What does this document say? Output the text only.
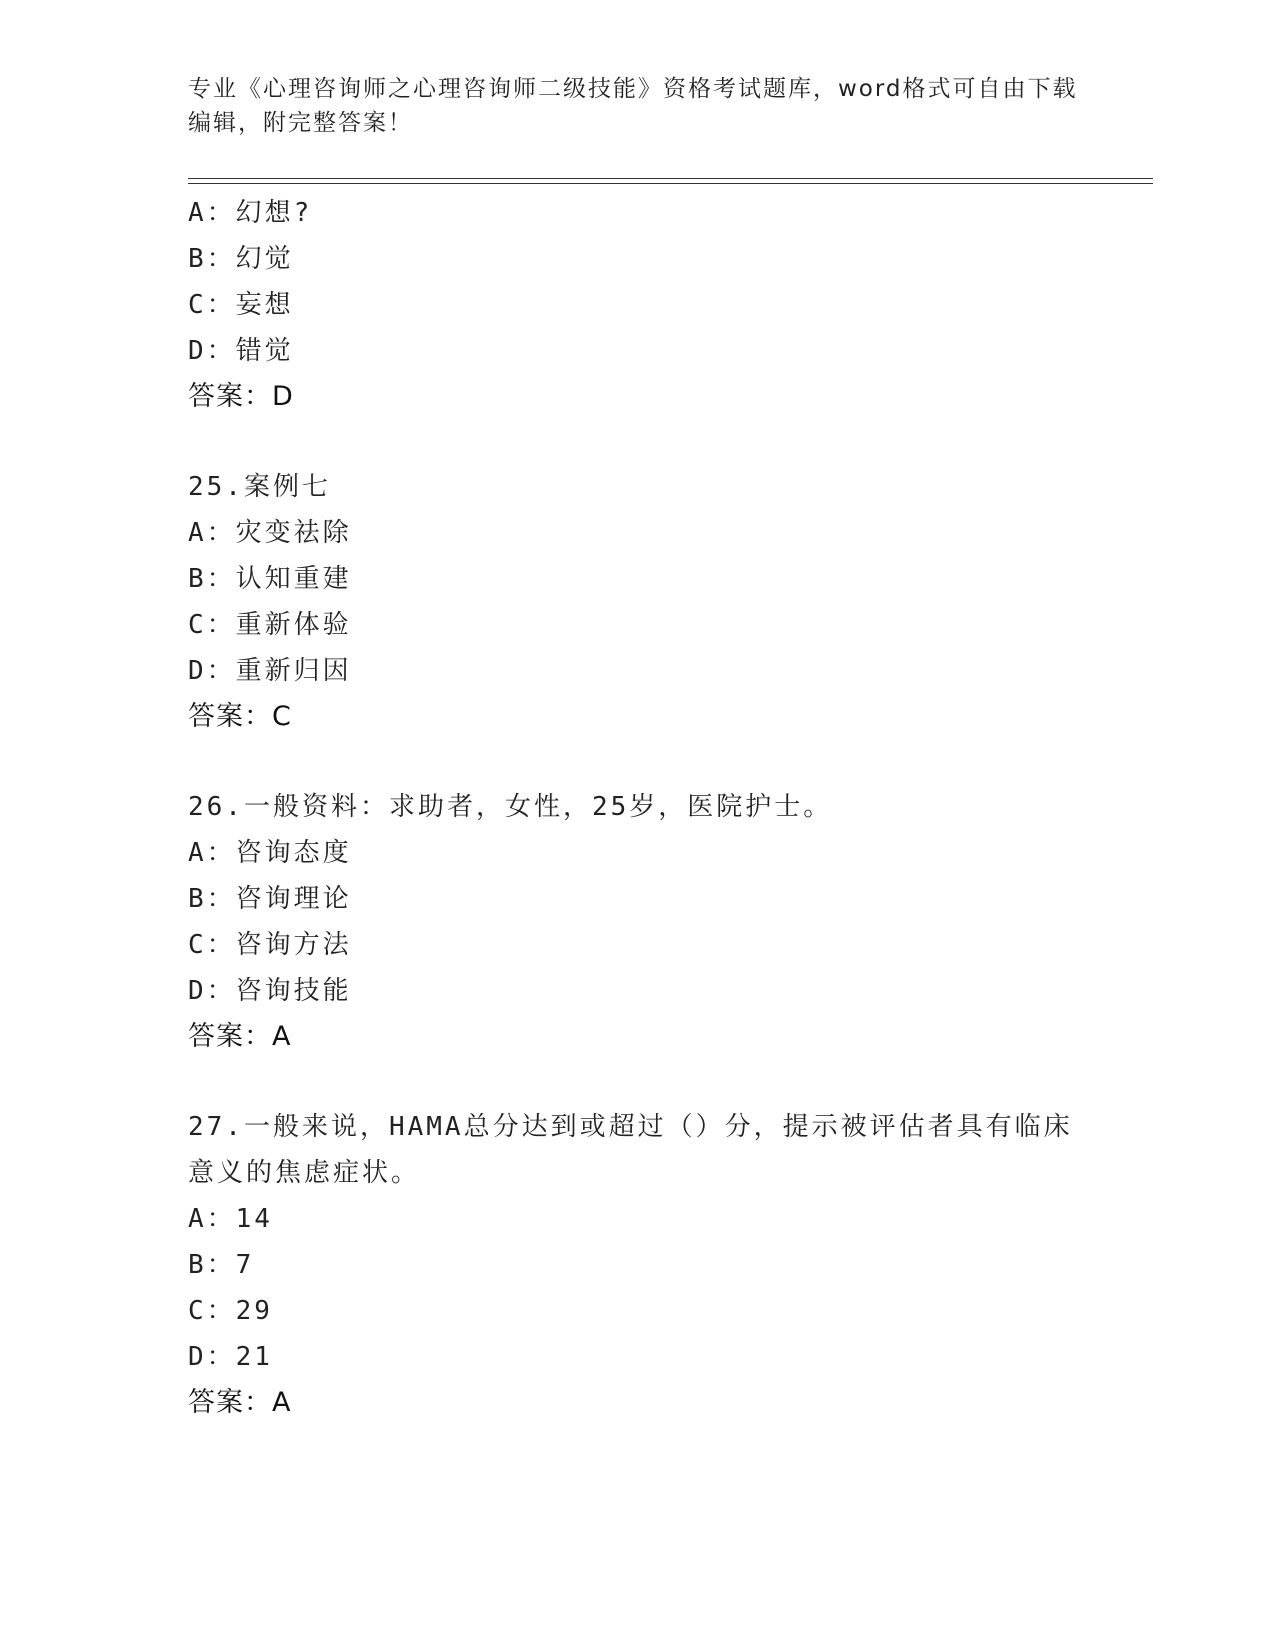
专业《心理咨询师之心理咨询师二级技能》资格考试题库，word格式可自由下载编辑，附完整答案！
A：幻想?
B：幻觉
C：妄想
D：错觉
答案：D
25.案例七
A：灾变祛除
B：认知重建
C：重新体验
D：重新归因
答案：C
26.一般资料：求助者，女性，25岁，医院护士。
A：咨询态度
B：咨询理论
C：咨询方法
D：咨询技能
答案：A
27.一般来说，HAMA总分达到或超过（）分，提示被评估者具有临床意义的焦虑症状。
A：14
B：7
C：29
D：21
答案：A
